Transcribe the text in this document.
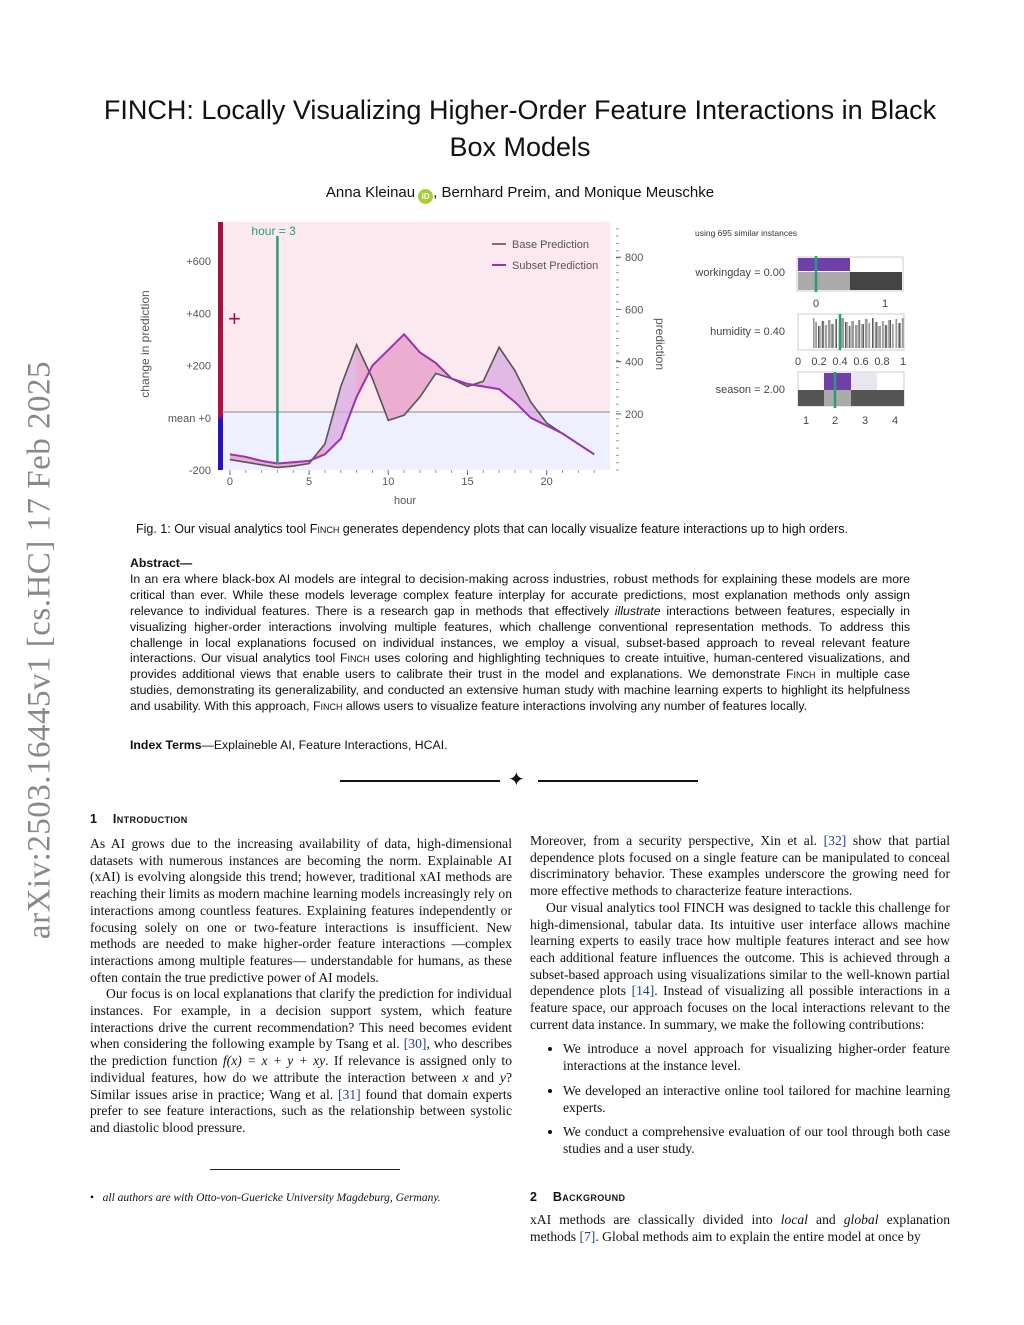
FINCH: Locally Visualizing Higher-Order Feature Interactions in Black Box Models
Anna Kleinau iD , Bernhard Preim, and Monique Meuschke
arXiv:2503.16445v1 [cs.HC] 17 Feb 2025
+600
+400
+200
mean +0
-200
800
600
400
200
0	5	10	15	20
hour = 3
+
Base Prediction
Subset Prediction
hour
change in prediction	prediction
using 695 similar instances
workingday = 0.00
0	1
humidity = 0.40
0 0.2 0.4 0.6 0.8 1
season = 2.00
1 2 3 4
Fig. 1: Our visual analytics tool Finch generates dependency plots that can locally visualize feature interactions up to high orders.
Abstract—
In an era where black-box AI models are integral to decision-making across industries, robust methods for explaining these models are more critical than ever. While these models leverage complex feature interplay for accurate predictions, most explanation methods only assign relevance to individual features. There is a research gap in methods that effectively illustrate interactions between features, especially in visualizing higher-order interactions involving multiple features, which challenge conventional representation methods. To address this challenge in local explanations focused on individual instances, we employ a visual, subset-based approach to reveal relevant feature interactions. Our visual analytics tool Finch uses coloring and highlighting techniques to create intuitive, human-centered visualizations, and provides additional views that enable users to calibrate their trust in the model and explanations. We demonstrate Finch in multiple case studies, demonstrating its generalizability, and conducted an extensive human study with machine learning experts to highlight its helpfulness and usability. With this approach, Finch allows users to visualize feature interactions involving any number of features locally.
Index Terms—Explaineble AI, Feature Interactions, HCAI.
✦
1 Introduction

As AI grows due to the increasing availability of data, high-dimensional datasets with numerous instances are becoming the norm. Explainable AI (xAI) is evolving alongside this trend; however, traditional xAI methods are reaching their limits as modern machine learning models increasingly rely on interactions among countless features. Explaining features independently or focusing solely on one or two-feature interactions is insufficient. New methods are needed to make higher-order feature interactions —complex interactions among multiple features— understandable for humans, as these often contain the true predictive power of AI models.

Our focus is on local explanations that clarify the prediction for individual instances. For example, in a decision support system, which feature interactions drive the current recommendation? This need becomes evident when considering the following example by Tsang et al. [30], who describes the prediction function f(x) = x + y + xy. If relevance is assigned only to individual features, how do we attribute the interaction between x and y? Similar issues arise in practice; Wang et al. [31] found that domain experts prefer to see feature interactions, such as the relationship between systolic and diastolic blood pressure.

• all authors are with Otto-von-Guericke University Magdeburg, Germany.

Moreover, from a security perspective, Xin et al. [32] show that partial dependence plots focused on a single feature can be manipulated to conceal discriminatory behavior. These examples underscore the growing need for more effective methods to characterize feature interactions.

Our visual analytics tool FINCH was designed to tackle this challenge for high-dimensional, tabular data. Its intuitive user interface allows machine learning experts to easily trace how multiple features interact and see how each additional feature influences the outcome. This is achieved through a subset-based approach using visualizations similar to the well-known partial dependence plots [14]. Instead of visualizing all possible interactions in a feature space, our approach focuses on the local interactions relevant to the current data instance. In summary, we make the following contributions:

• We introduce a novel approach for visualizing higher-order feature interactions at the instance level.
• We developed an interactive online tool tailored for machine learning experts.
• We conduct a comprehensive evaluation of our tool through both case studies and a user study.
2 Background

xAI methods are classically divided into local and global explanation methods [7]. Global methods aim to explain the entire model at once by
